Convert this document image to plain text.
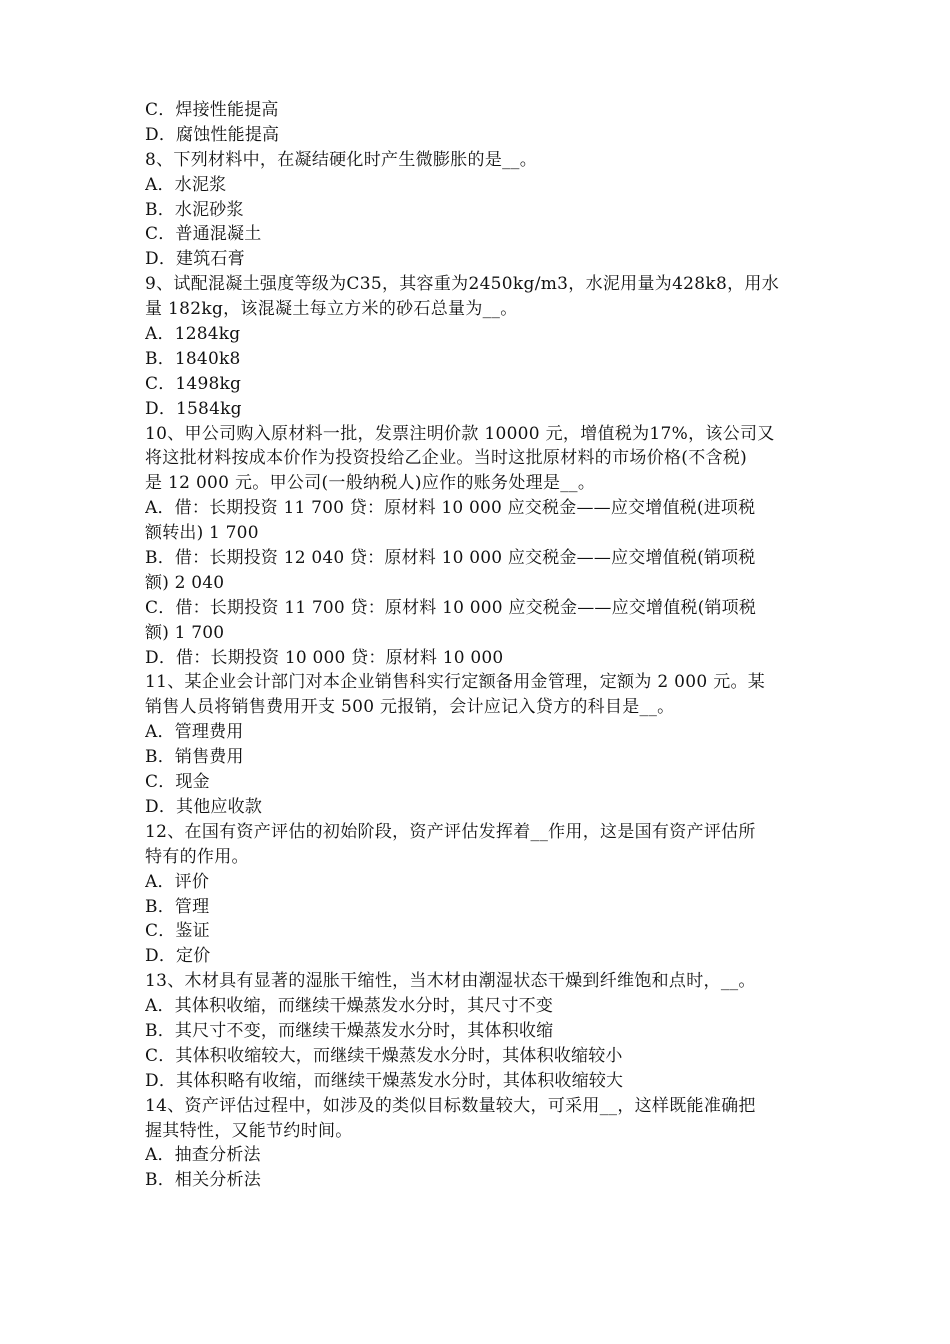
C．焊接性能提高
D．腐蚀性能提高
8、下列材料中，在凝结硬化时产生微膨胀的是__。
A．水泥浆
B．水泥砂浆
C．普通混凝土
D．建筑石膏
9、试配混凝土强度等级为C35，其容重为2450kg/m3，水泥用量为428k8，用水
量 182kg，该混凝土每立方米的砂石总量为__。
A．1284kg
B．1840k8
C．1498kg
D．1584kg
10、甲公司购入原材料一批，发票注明价款 10000 元，增值税为17%，该公司又
将这批材料按成本价作为投资投给乙企业。当时这批原材料的市场价格(不含税)
是 12 000 元。甲公司(一般纳税人)应作的账务处理是__。
A．借：长期投资 11 700 贷：原材料 10 000 应交税金——应交增值税(进项税
额转出) 1 700
B．借：长期投资 12 040 贷：原材料 10 000 应交税金——应交增值税(销项税
额) 2 040
C．借：长期投资 11 700 贷：原材料 10 000 应交税金——应交增值税(销项税
额) 1 700
D．借：长期投资 10 000 贷：原材料 10 000
11、某企业会计部门对本企业销售科实行定额备用金管理，定额为 2 000 元。某
销售人员将销售费用开支 500 元报销，会计应记入贷方的科目是__。
A．管理费用
B．销售费用
C．现金
D．其他应收款
12、在国有资产评估的初始阶段，资产评估发挥着__作用，这是国有资产评估所
特有的作用。
A．评价
B．管理
C．鉴证
D．定价
13、木材具有显著的湿胀干缩性，当木材由潮湿状态干燥到纤维饱和点时，__。
A．其体积收缩，而继续干燥蒸发水分时，其尺寸不变
B．其尺寸不变，而继续干燥蒸发水分时，其体积收缩
C．其体积收缩较大，而继续干燥蒸发水分时，其体积收缩较小
D．其体积略有收缩，而继续干燥蒸发水分时，其体积收缩较大
14、资产评估过程中，如涉及的类似目标数量较大，可采用__，这样既能准确把
握其特性，又能节约时间。
A．抽查分析法
B．相关分析法
